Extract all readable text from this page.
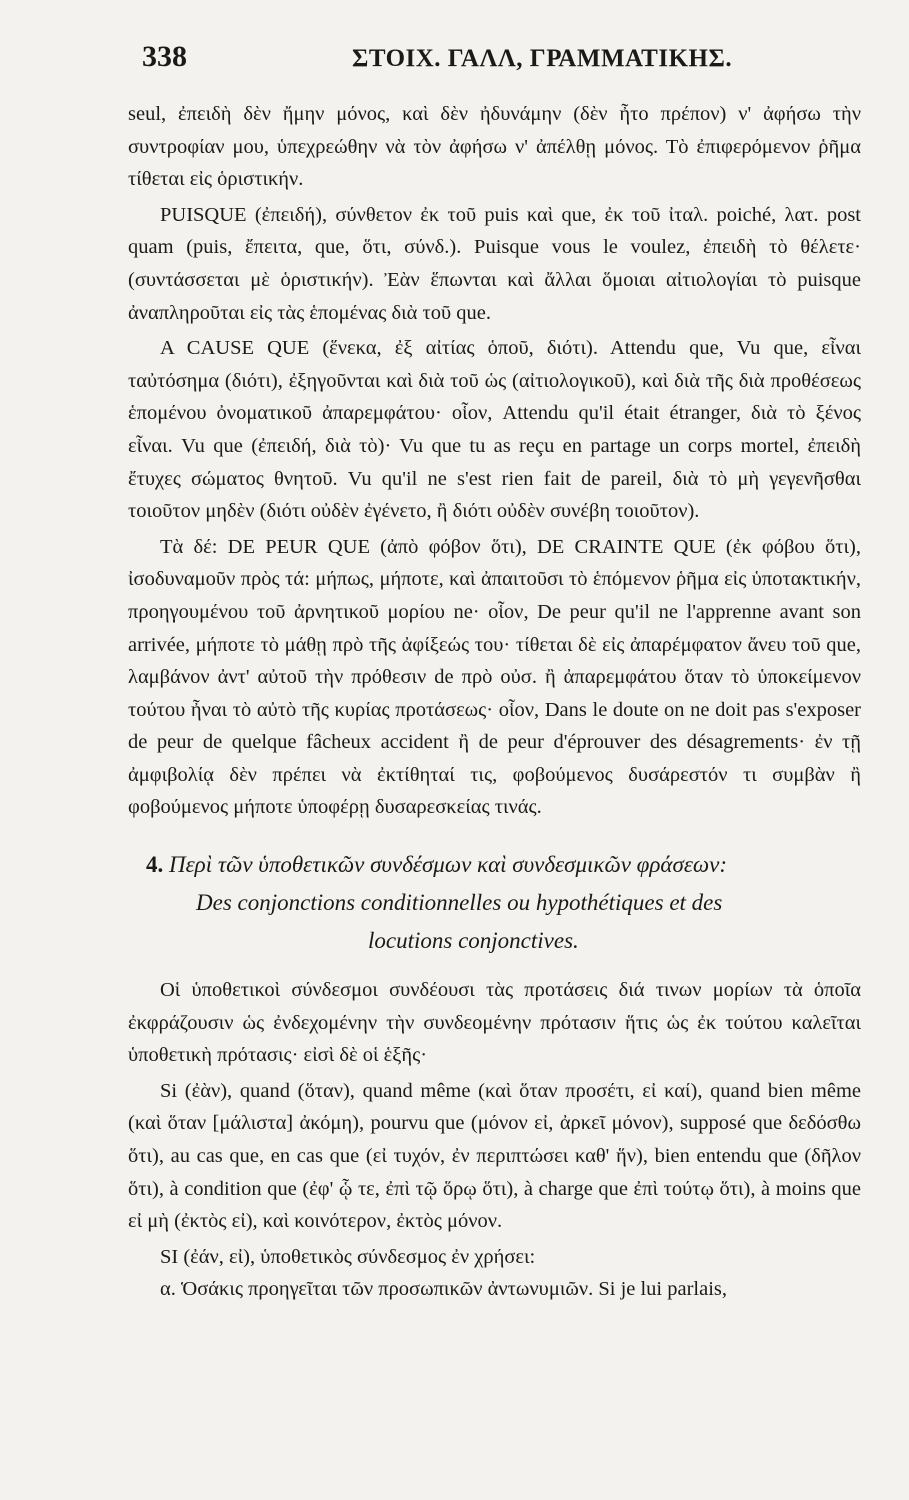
338	ΣΤΟΙΧ. ΓΑΛΛ, ΓΡΑΜΜΑΤΙΚΗΣ.

seul, ἐπειδὴ δὲν ἤμην μόνος, καὶ δὲν ἠδυνάμην (δὲν ἦτο πρέπον) ν' ἀφήσω τὴν συντροφίαν μου, ὑπεχρεώθην νὰ τὸν ἀφήσω ν' ἀπέλθῃ μόνος. Τὸ ἐπιφερόμενον ῥῆμα τίθεται εἰς ὁριστικήν.

PUISQUE (ἐπειδή), σύνθετον ἐκ τοῦ puis καὶ que, ἐκ τοῦ ἰταλ. poiché, λατ. post quam (puis, ἔπειτα, que, ὅτι, σύνδ.). Puisque vous le voulez, ἐπειδὴ τὸ θέλετε· (συντάσσεται μὲ ὁριστικήν). Ἐὰν ἕπωνται καὶ ἄλλαι ὅμοιαι αἰτιολογίαι τὸ puisque ἀναπληροῦται εἰς τὰς ἑπομένας διὰ τοῦ que.

A CAUSE QUE (ἕνεκα, ἐξ αἰτίας ὁποῦ, διότι). Attendu que, Vu que, εἶναι ταὐτόσημα (διότι), ἐξηγοῦνται καὶ διὰ τοῦ ὡς (αἰτιολογικοῦ), καὶ διὰ τῆς διὰ προθέσεως ἑπομένου ὀνοματικοῦ ἀπαρεμφάτου· οἷον, Attendu qu'il était étranger, διὰ τὸ ξένος εἶναι. Vu que (ἐπειδή, διὰ τὸ)· Vu que tu as reçu en partage un corps mortel, ἐπειδὴ ἔτυχες σώματος θνητοῦ. Vu qu'il ne s'est rien fait de pareil, διὰ τὸ μὴ γεγενῆσθαι τοιοῦτον μηδὲν (διότι οὐδὲν ἐγένετο, ἢ διότι οὐδὲν συνέβη τοιοῦτον).

Τὰ δέ: DE PEUR QUE (ἀπὸ φόβον ὅτι), DE CRAINTE QUE (ἐκ φόβου ὅτι), ἰσοδυναμοῦν πρὸς τά: μήπως, μήποτε, καὶ ἀπαιτοῦσι τὸ ἑπόμενον ῥῆμα εἰς ὑποτακτικήν, προηγουμένου τοῦ ἀρνητικοῦ μορίου ne· οἷον, De peur qu'il ne l'apprenne avant son arrivée, μήποτε τὸ μάθῃ πρὸ τῆς ἀφίξεώς του· τίθεται δὲ εἰς ἀπαρέμφατον ἄνευ τοῦ que, λαμβάνον ἀντ' αὐτοῦ τὴν πρόθεσιν de πρὸ οὐσ. ἢ ἀπαρεμφάτου ὅταν τὸ ὑποκείμενον τούτου ἦναι τὸ αὐτὸ τῆς κυρίας προτάσεως· οἷον, Dans le doute on ne doit pas s'exposer de peur de quelque fâcheux accident ἢ de peur d'éprouver des désagrements· ἐν τῇ ἀμφιβολίᾳ δὲν πρέπει νὰ ἐκτίθηταί τις, φοβούμενος δυσάρεστόν τι συμβὰν ἢ φοβούμενος μήποτε ὑποφέρῃ δυσαρεσκείας τινάς.

4. Περὶ τῶν ὑποθετικῶν συνδέσμων καὶ συνδεσμικῶν φράσεων:
Des conjonctions conditionnelles ou hypothétiques et des
locutions conjonctives.

Οἱ ὑποθετικοὶ σύνδεσμοι συνδέουσι τὰς προτάσεις διά τινων μορίων τὰ ὁποῖα ἐκφράζουσιν ὡς ἐνδεχομένην τὴν συνδεομένην πρότασιν ἥτις ὡς ἐκ τούτου καλεῖται ὑποθετικὴ πρότασις· εἰσὶ δὲ οἱ ἑξῆς·

Si (ἐὰν), quand (ὅταν), quand même (καὶ ὅταν προσέτι, εἰ καί), quand bien même (καὶ ὅταν [μάλιστα] ἀκόμη), pourvu que (μόνον εἰ, ἀρκεῖ μόνον), supposé que δεδόσθω ὅτι), au cas que, en cas que (εἰ τυχόν, ἐν περιπτώσει καθ' ἥν), bien entendu que (δῆλον ὅτι), à condition que (ἐφ' ᾧ τε, ἐπὶ τῷ ὅρῳ ὅτι), à charge que ἐπὶ τούτῳ ὅτι), à moins que εἰ μὴ (ἐκτὸς εἰ), καὶ κοινότερον, ἐκτὸς μόνον.

SI (ἐάν, εἰ), ὑποθετικὸς σύνδεσμος ἐν χρήσει:

α. Ὁσάκις προηγεῖται τῶν προσωπικῶν ἀντωνυμιῶν. Si je lui parlais,
